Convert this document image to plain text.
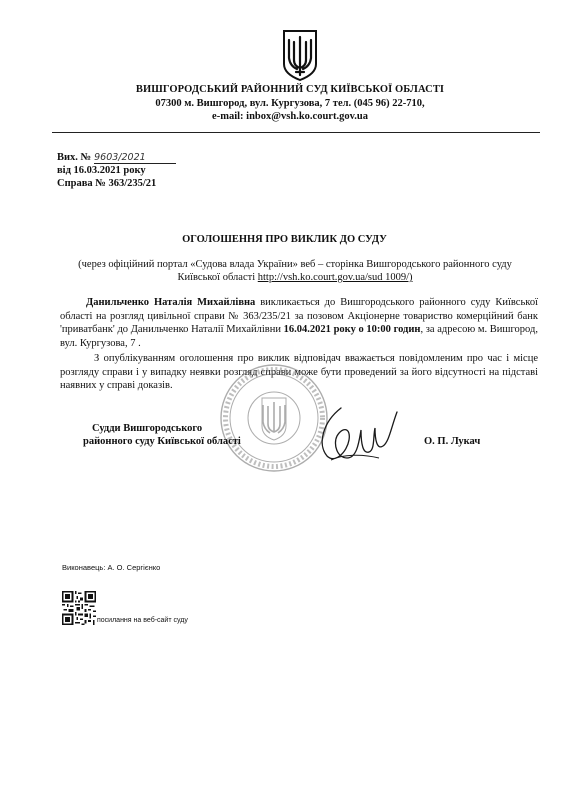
ВИШГОРОДСЬКИЙ РАЙОННИЙ СУД КИЇВСЬКОЇ ОБЛАСТІ
07300 м. Вишгород, вул. Кургузова, 7 тел. (045 96) 22-710,
e-mail: inbox@vsh.ko.court.gov.ua
Вих. № 9603/2021
від 16.03.2021 року
Справа № 363/235/21
ОГОЛОШЕННЯ ПРО ВИКЛИК ДО СУДУ
(через офіційний портал «Судова влада України» веб – сторінка Вишгородського районного суду Київської області http://vsh.ko.court.gov.ua/sud 1009/)
Данильченко Наталія Михайлівна викликається до Вишгородського районного суду Київської області на розгляд цивільної справи № 363/235/21 за позовом Акціонерне товариство комерційний банк 'приватбанк' до Данильченко Наталії Михайлівни 16.04.2021 року о 10:00 годин, за адресою м. Вишгород, вул. Кургузова, 7 .
З опублікуванням оголошення про виклик відповідач вважається повідомленим про час і місце розгляду справи і у випадку неявки розгляд справи може бути проведений за його відсутності на підставі наявних у справі доказів.
Судди Вишгородського
районного суду Київської області	О. П. Лукач
Виконавець: А. О. Сергієнко
посилання на веб-сайт суду
